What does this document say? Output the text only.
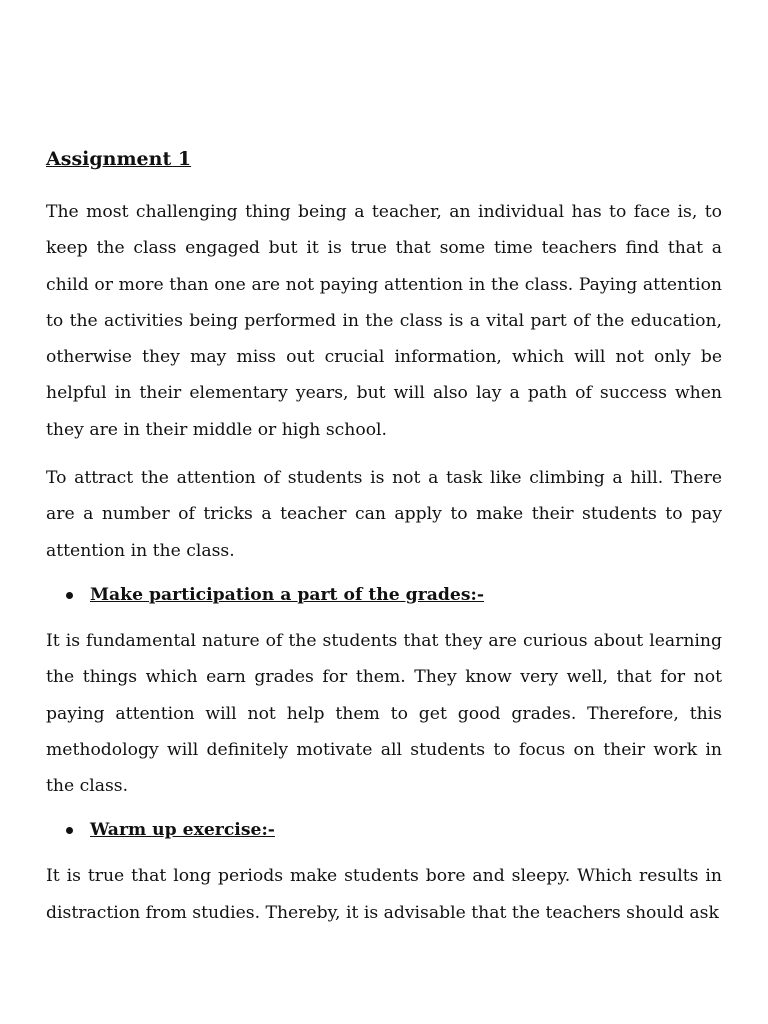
Assignment 1

The most challenging thing being a teacher, an individual has to face is, to keep the class engaged but it is true that some time teachers find that a child or more than one are not paying attention in the class. Paying attention to the activities being performed in the class is a vital part of the education, otherwise they may miss out crucial information, which will not only be helpful in their elementary years, but will also lay a path of success when they are in their middle or high school.

To attract the attention of students is not a task like climbing a hill. There are a number of tricks a teacher can apply to make their students to pay attention in the class.

Make participation a part of the grades:-

It is fundamental nature of the students that they are curious about learning the things which earn grades for them. They know very well, that for not paying attention will not help them to get good grades. Therefore, this methodology will definitely motivate all students to focus on their work in the class.

Warm up exercise:-

It is true that long periods make students bore and sleepy. Which results in distraction from studies. Thereby, it is advisable that the teachers should ask
